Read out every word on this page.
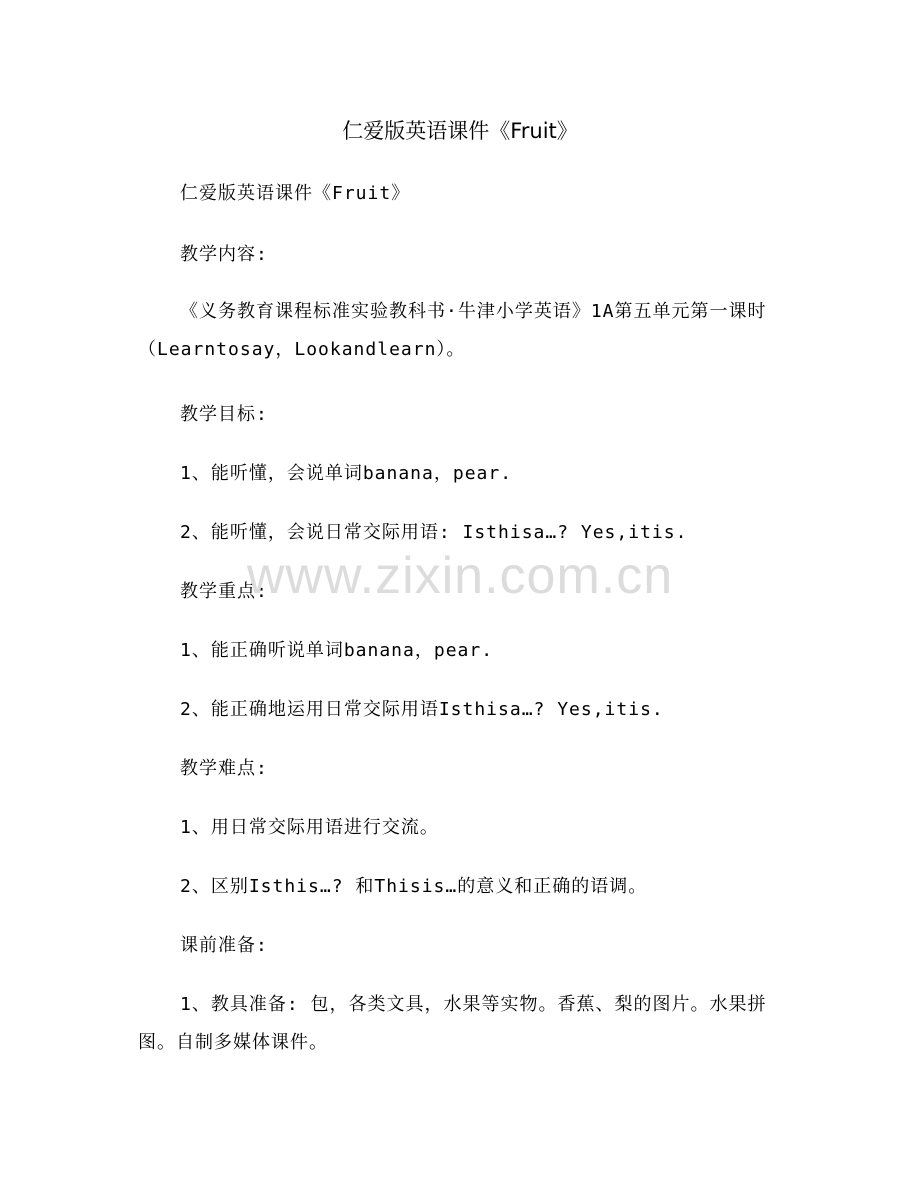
仁爱版英语课件《Fruit》
仁爱版英语课件《Fruit》
教学内容:
《义务教育课程标准实验教科书·牛津小学英语》1A第五单元第一课时（Learntosay，Lookandlearn）。
教学目标:
1、能听懂，会说单词banana，pear.
2、能听懂，会说日常交际用语: Isthisa…? Yes,itis.
教学重点:
1、能正确听说单词banana，pear.
2、能正确地运用日常交际用语Isthisa…? Yes,itis.
教学难点:
1、用日常交际用语进行交流。
2、区别Isthis…? 和Thisis…的意义和正确的语调。
课前准备:
1、教具准备: 包，各类文具，水果等实物。香蕉、梨的图片。水果拼图。自制多媒体课件。
www.zixin.com.cn
